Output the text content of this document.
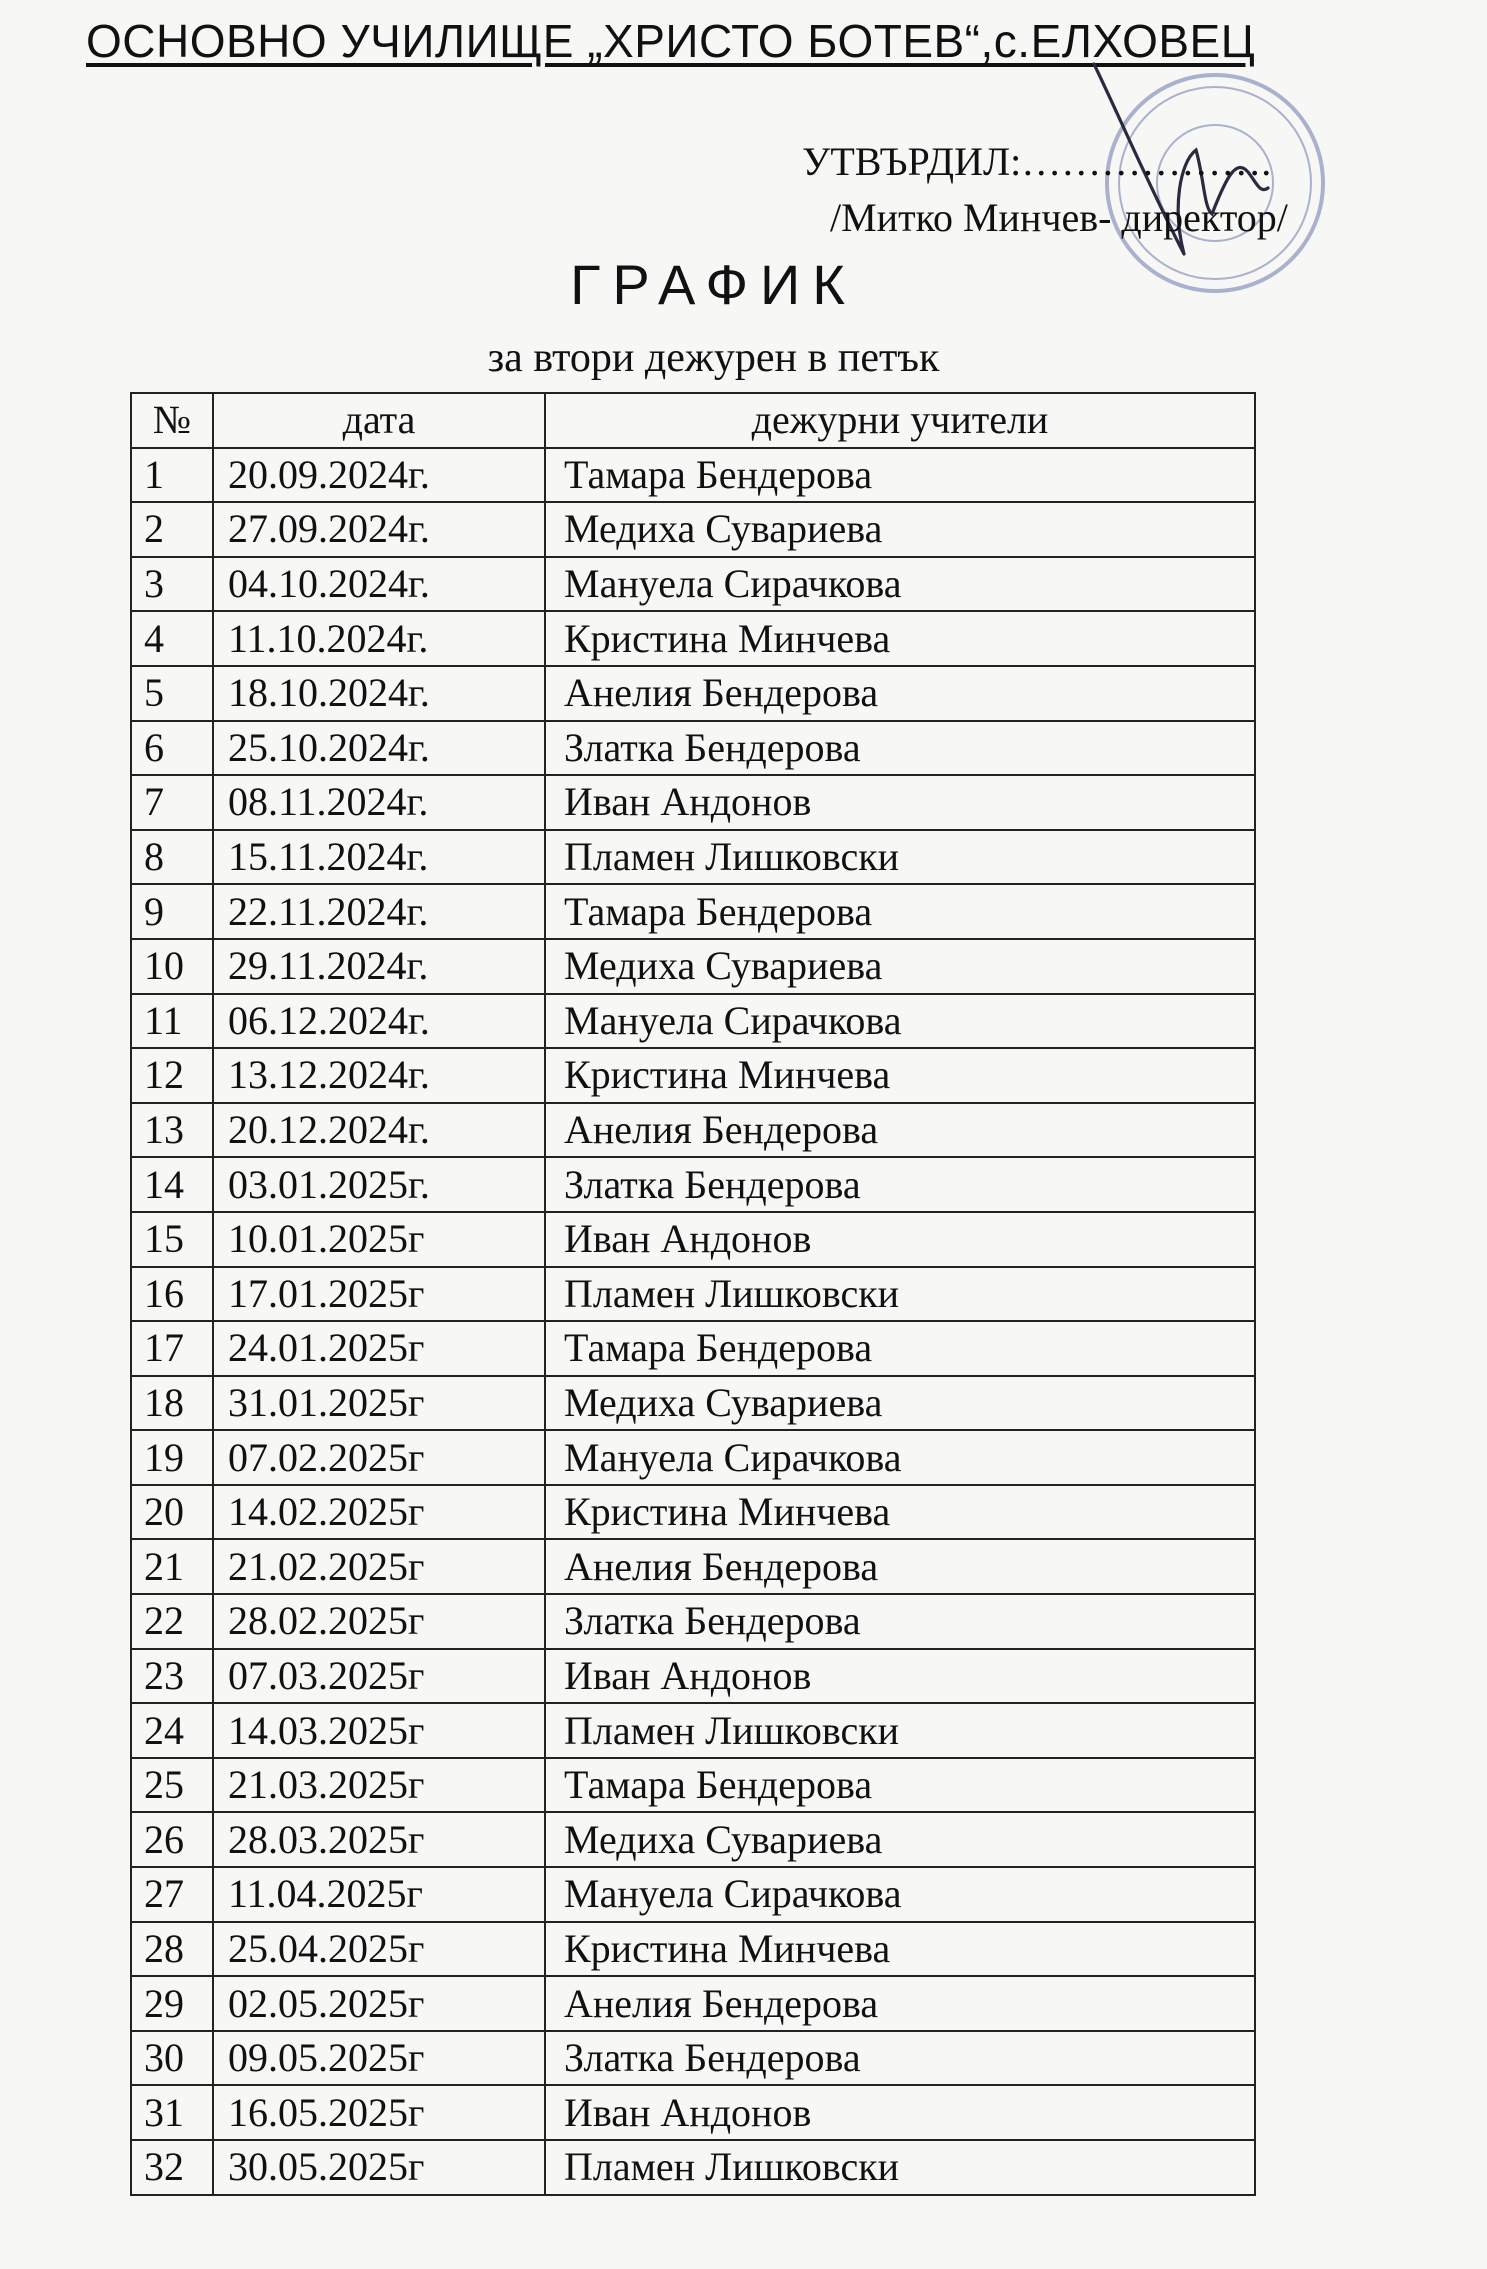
ОСНОВНО УЧИЛИЩЕ „ХРИСТО БОТЕВ“,с.ЕЛХОВЕЦ
УТВЪРДИЛ:……………….
/Митко Минчев- директор/
ГРАФИК
за втори дежурен в петък
№	дата	дежурни учители
1	20.09.2024г.	Тамара Бендерова
2	27.09.2024г.	Медиха Сувариева
3	04.10.2024г.	Мануела Сирачкова
4	11.10.2024г.	Кристина Минчева
5	18.10.2024г.	Анелия Бендерова
6	25.10.2024г.	Златка Бендерова
7	08.11.2024г.	Иван Андонов
8	15.11.2024г.	Пламен Лишковски
9	22.11.2024г.	Тамара Бендерова
10	29.11.2024г.	Медиха Сувариева
11	06.12.2024г.	Мануела Сирачкова
12	13.12.2024г.	Кристина Минчева
13	20.12.2024г.	Анелия Бендерова
14	03.01.2025г.	Златка Бендерова
15	10.01.2025г	Иван Андонов
16	17.01.2025г	Пламен Лишковски
17	24.01.2025г	Тамара Бендерова
18	31.01.2025г	Медиха Сувариева
19	07.02.2025г	Мануела Сирачкова
20	14.02.2025г	Кристина Минчева
21	21.02.2025г	Анелия Бендерова
22	28.02.2025г	Златка Бендерова
23	07.03.2025г	Иван Андонов
24	14.03.2025г	Пламен Лишковски
25	21.03.2025г	Тамара Бендерова
26	28.03.2025г	Медиха Сувариева
27	11.04.2025г	Мануела Сирачкова
28	25.04.2025г	Кристина Минчева
29	02.05.2025г	Анелия Бендерова
30	09.05.2025г	Златка Бендерова
31	16.05.2025г	Иван Андонов
32	30.05.2025г	Пламен Лишковски
